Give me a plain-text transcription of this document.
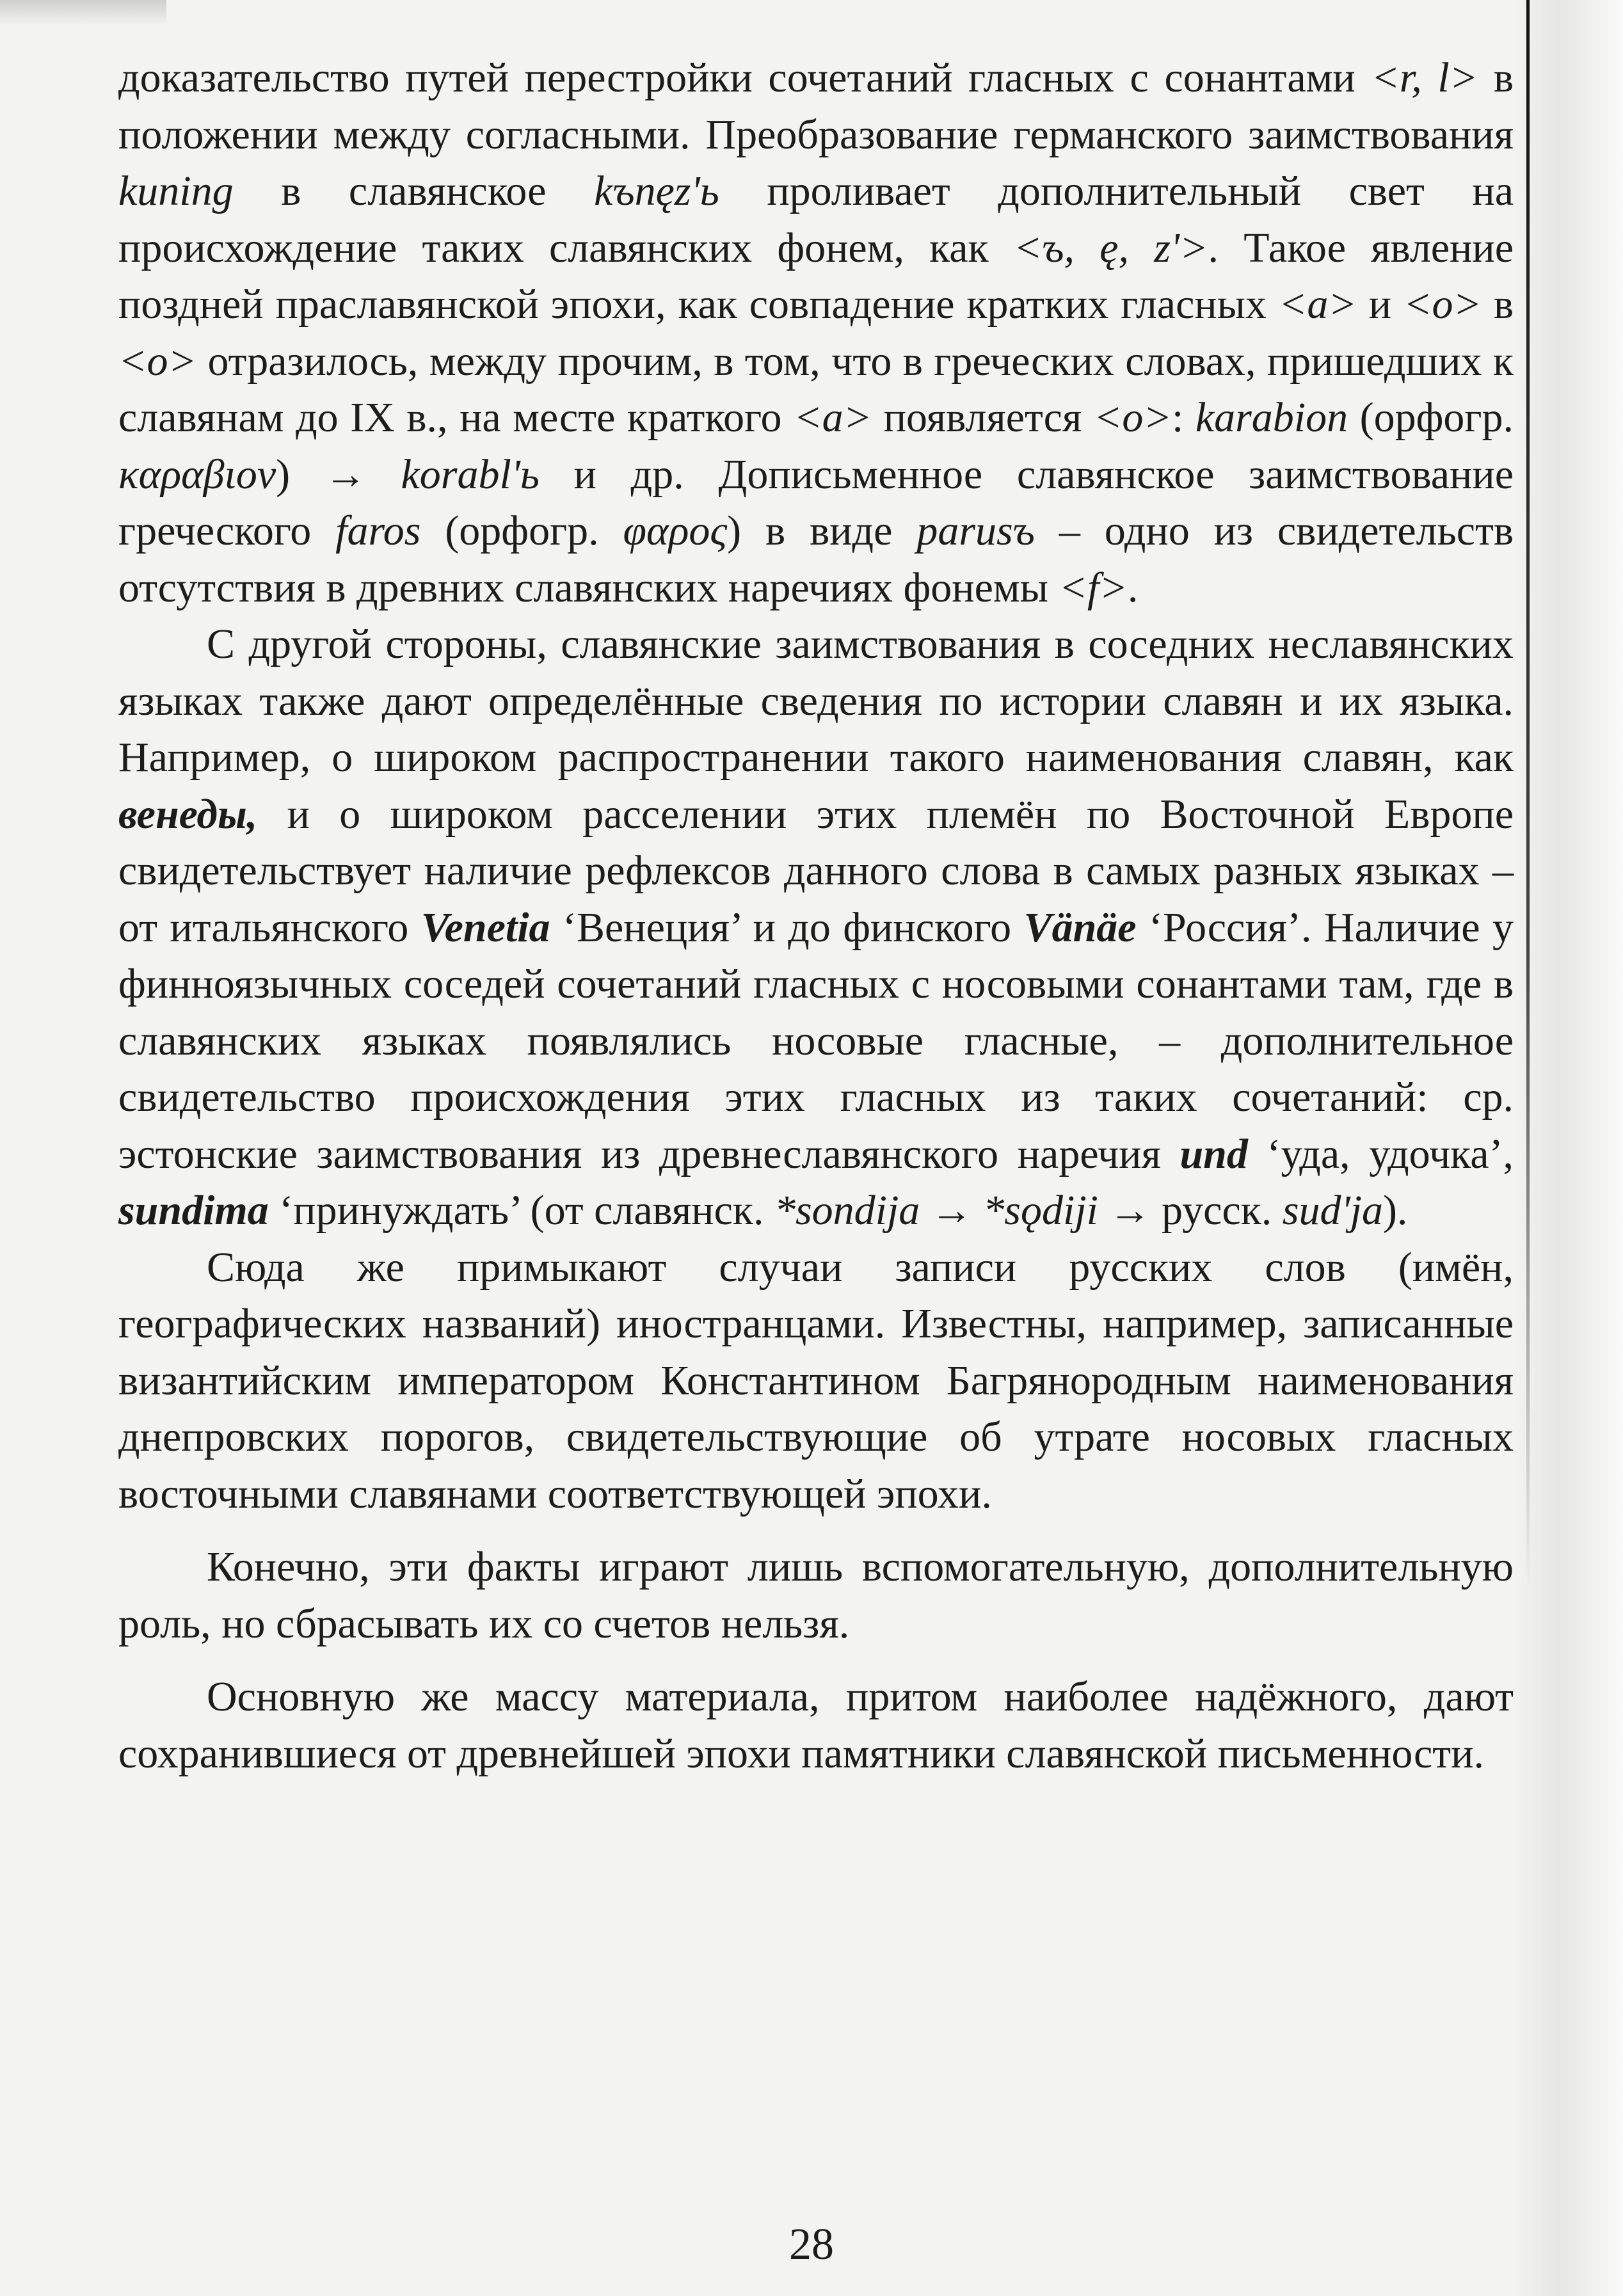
доказательство путей перестройки сочетаний гласных с сонантами <r, l> в положении между согласными. Преобразование германского заимствования kuning в славянское kъnęzʹь проливает дополнительный свет на происхождение таких славянских фонем, как <ъ, ę, zʹ>. Такое явление поздней праславянской эпохи, как совпадение кратких гласных <a> и <o> в <o> отразилось, между прочим, в том, что в греческих словах, пришедших к славянам до IX в., на месте краткого <a> появляется <o>: karabion (орфогр. καραβιον) → korablʹь и др. Дописьменное славянское заимствование греческого faros (орфогр. φαρος) в виде parusъ – одно из свидетельств отсутствия в древних славянских наречиях фонемы <f>.

С другой стороны, славянские заимствования в соседних неславянских языках также дают определённые сведения по истории славян и их языка. Например, о широком распространении такого наименования славян, как венеды, и о широком расселении этих племён по Восточной Европе свидетельствует наличие рефлексов данного слова в самых разных языках – от итальянского Venetia ‘Венеция’ и до финского Vänäe ‘Россия’. Наличие у финноязычных соседей сочетаний гласных с носовыми сонантами там, где в славянских языках появлялись носовые гласные, – дополнительное свидетельство происхождения этих гласных из таких сочетаний: ср. эстонские заимствования из древнеславянского наречия und ‘уда, удочка’, sundima ‘принуждать’ (от славянск. *sondija → *sǫdiji → русск. sudʹja).

Сюда же примыкают случаи записи русских слов (имён, географических названий) иностранцами. Известны, например, записанные византийским императором Константином Багрянородным наименования днепровских порогов, свидетельствующие об утрате носовых гласных восточными славянами соответствующей эпохи.

Конечно, эти факты играют лишь вспомогательную, дополнительную роль, но сбрасывать их со счетов нельзя.

Основную же массу материала, притом наиболее надёжного, дают сохранившиеся от древнейшей эпохи памятники славянской письменности.

28
